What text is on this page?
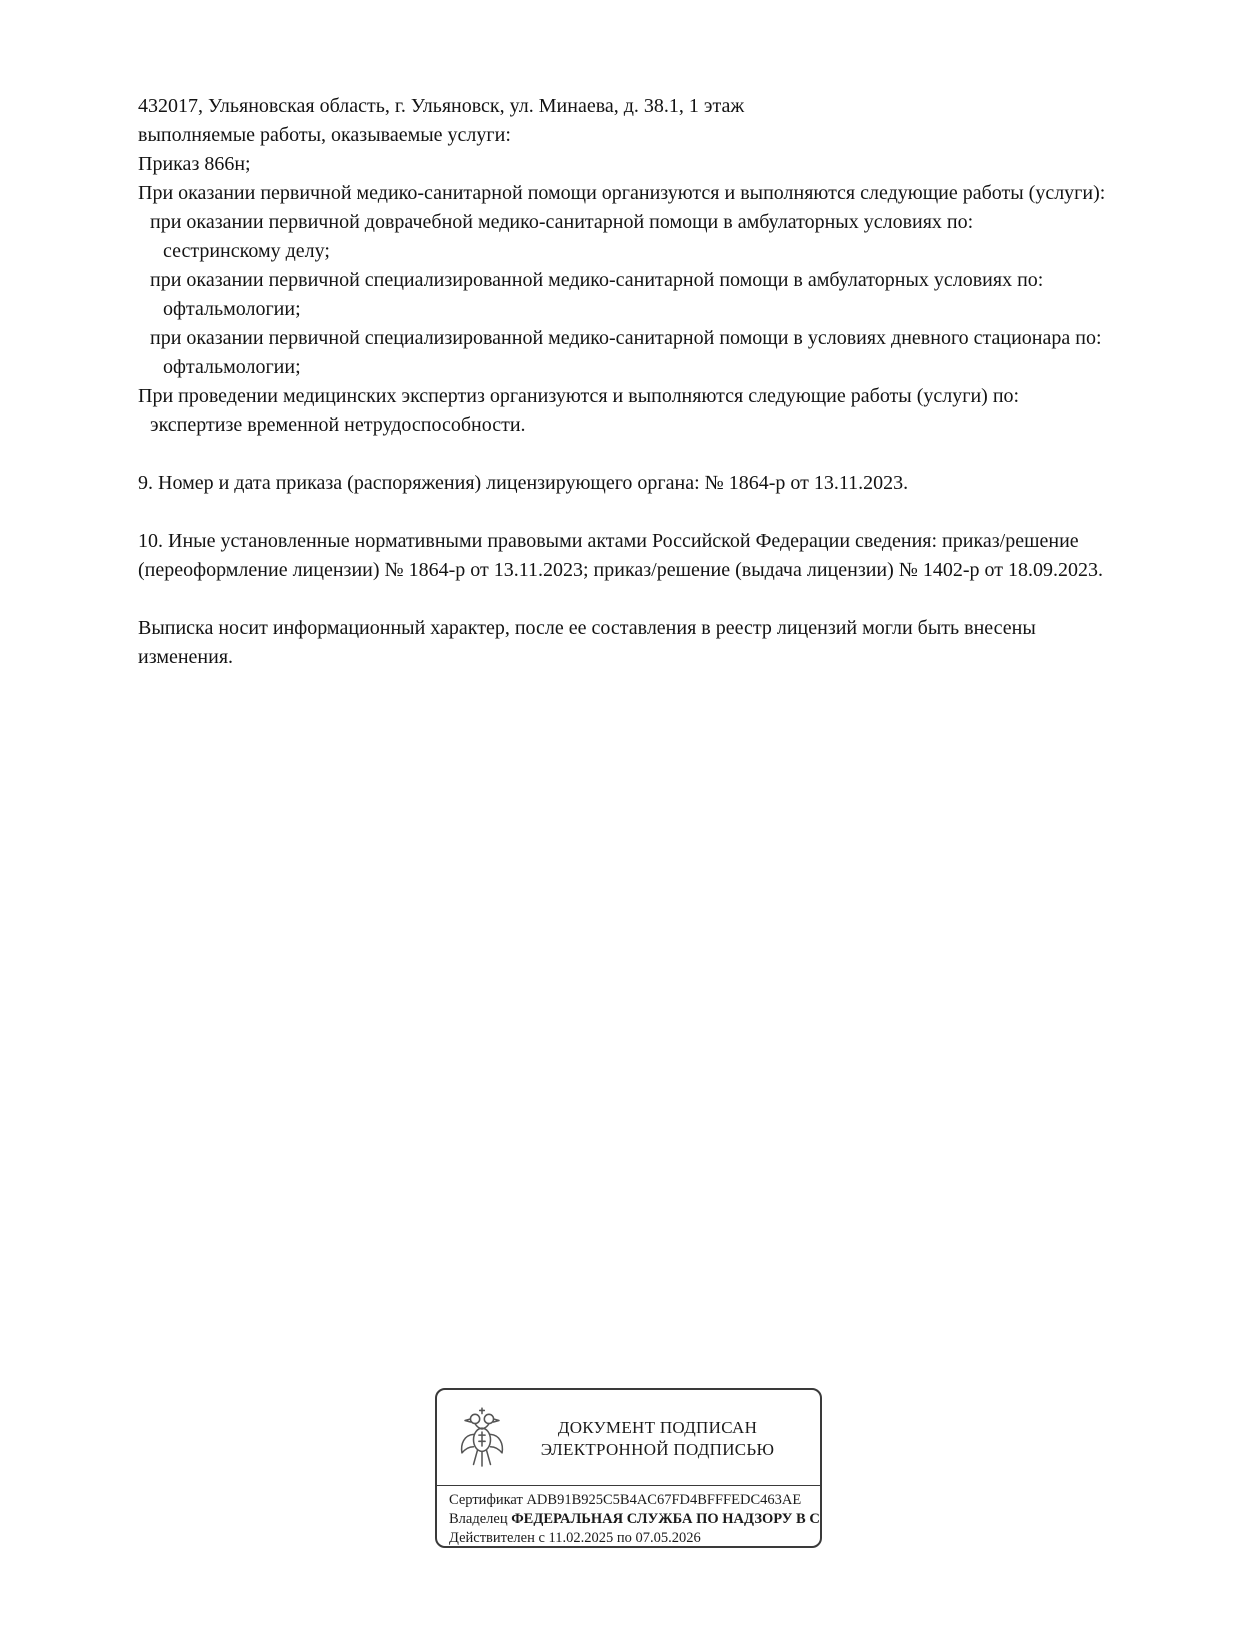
432017, Ульяновская область, г. Ульяновск, ул. Минаева, д. 38.1, 1 этаж

выполняемые работы, оказываемые услуги:

Приказ 866н;

При оказании первичной медико-санитарной помощи организуются и выполняются следующие работы (услуги):

при оказании первичной доврачебной медико-санитарной помощи в амбулаторных условиях по:

сестринскому делу;

при оказании первичной специализированной медико-санитарной помощи в амбулаторных условиях по:

офтальмологии;

при оказании первичной специализированной медико-санитарной помощи в условиях дневного стационара по:

офтальмологии;

При проведении медицинских экспертиз организуются и выполняются следующие работы (услуги) по:

экспертизе временной нетрудоспособности.

9. Номер и дата приказа (распоряжения) лицензирующего органа: № 1864-р от 13.11.2023.

10. Иные установленные нормативными правовыми актами Российской Федерации сведения: приказ/решение (переоформление лицензии) № 1864-р от 13.11.2023; приказ/решение (выдача лицензии) № 1402-р от 18.09.2023.

Выписка носит информационный характер, после ее составления в реестр лицензий могли быть внесены изменения.

ДОКУМЕНТ ПОДПИСАН
ЭЛЕКТРОННОЙ ПОДПИСЬЮ
Сертификат ADB91B925C5B4AC67FD4BFFFEDC463AE
Владелец ФЕДЕРАЛЬНАЯ СЛУЖБА ПО НАДЗОРУ В С
Действителен с 11.02.2025 по 07.05.2026
